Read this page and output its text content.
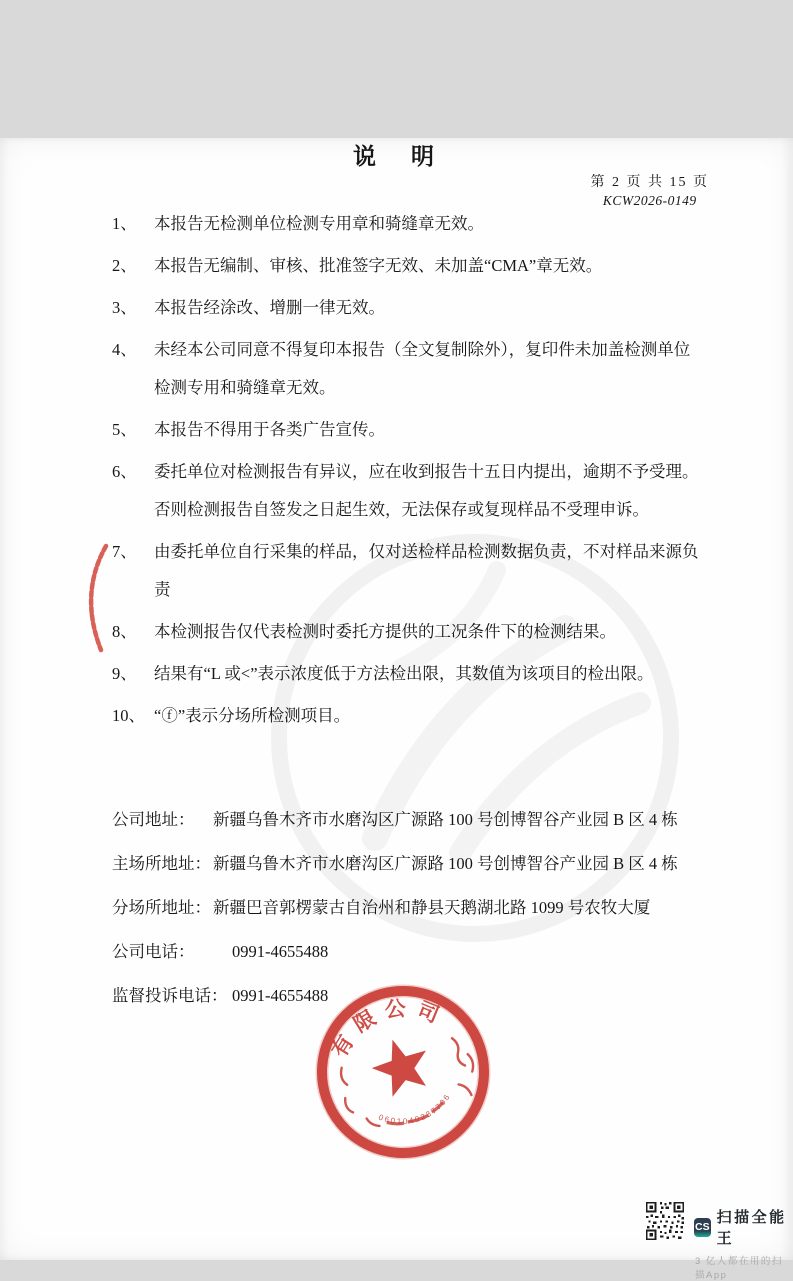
第 2 页 共 15 页
KCW2026-0149
说　明
1、	本报告无检测单位检测专用章和骑缝章无效。
2、	本报告无编制、审核、批准签字无效、未加盖“CMA”章无效。
3、	本报告经涂改、增删一律无效。
4、	未经本公司同意不得复印本报告（全文复制除外），复印件未加盖检测单位检测专用和骑缝章无效。
5、	本报告不得用于各类广告宣传。
6、	委托单位对检测报告有异议，应在收到报告十五日内提出，逾期不予受理。否则检测报告自签发之日起生效，无法保存或复现样品不受理申诉。
7、	由委托单位自行采集的样品，仅对送检样品检测数据负责，不对样品来源负责
8、	本检测报告仅代表检测时委托方提供的工况条件下的检测结果。
9、	结果有“L 或<”表示浓度低于方法检出限，其数值为该项目的检出限。
10、 “ⓕ”表示分场所检测项目。
公司地址：	新疆乌鲁木齐市水磨沟区广源路 100 号创博智谷产业园 B 区 4 栋
主场所地址： 新疆乌鲁木齐市水磨沟区广源路 100 号创博智谷产业园 B 区 4 栋
分场所地址： 新疆巴音郭楞蒙古自治州和静县天鹅湖北路 1099 号农牧大厦
公司电话：	0991-4655488
监督投诉电话： 0991-4655488
有限公司
0601040237706
CS
扫描全能王
3 亿人都在用的扫描App
